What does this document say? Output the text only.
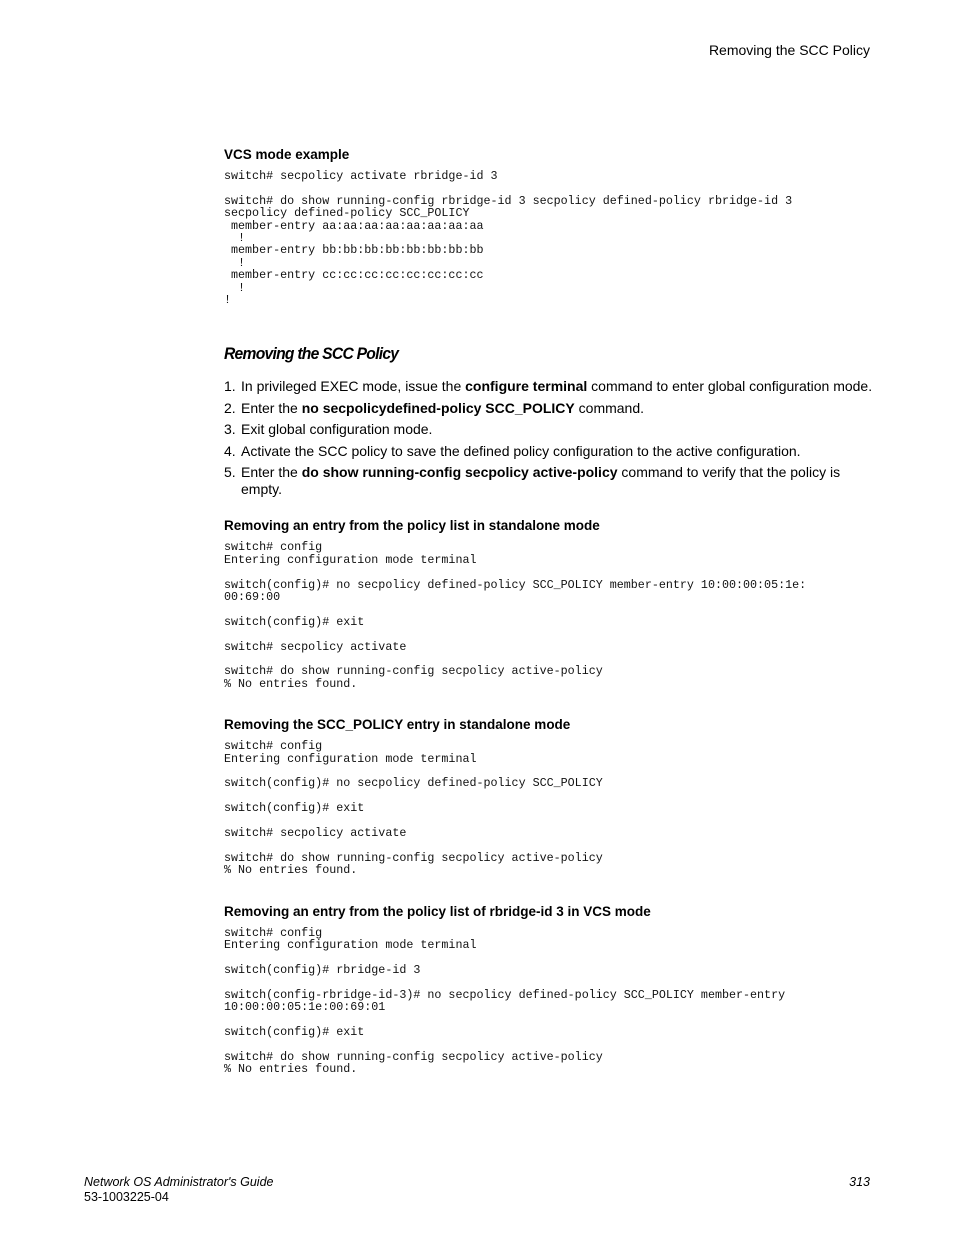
Removing the SCC Policy
VCS mode example
switch# secpolicy activate rbridge-id 3
switch# do show running-config rbridge-id 3 secpolicy defined-policy rbridge-id 3
secpolicy defined-policy SCC_POLICY
member-entry aa:aa:aa:aa:aa:aa:aa:aa
!
member-entry bb:bb:bb:bb:bb:bb:bb:bb
!
member-entry cc:cc:cc:cc:cc:cc:cc:cc
!
!
Removing the SCC Policy
1. In privileged EXEC mode, issue the configure terminal command to enter global configuration mode.
2. Enter the no secpolicydefined-policy SCC_POLICY command.
3. Exit global configuration mode.
4. Activate the SCC policy to save the defined policy configuration to the active configuration.
5. Enter the do show running-config secpolicy active-policy command to verify that the policy is empty.
Removing an entry from the policy list in standalone mode
switch# config
Entering configuration mode terminal
switch(config)# no secpolicy defined-policy SCC_POLICY member-entry 10:00:00:05:1e:
00:69:00
switch(config)# exit
switch# secpolicy activate
switch# do show running-config secpolicy active-policy
% No entries found.
Removing the SCC_POLICY entry in standalone mode
switch# config
Entering configuration mode terminal
switch(config)# no secpolicy defined-policy SCC_POLICY
switch(config)# exit
switch# secpolicy activate
switch# do show running-config secpolicy active-policy
% No entries found.
Removing an entry from the policy list of rbridge-id 3 in VCS mode
switch# config
Entering configuration mode terminal
switch(config)# rbridge-id 3
switch(config-rbridge-id-3)# no secpolicy defined-policy SCC_POLICY member-entry
10:00:00:05:1e:00:69:01
switch(config)# exit
switch# do show running-config secpolicy active-policy
% No entries found.
Network OS Administrator's Guide
53-1003225-04
313
